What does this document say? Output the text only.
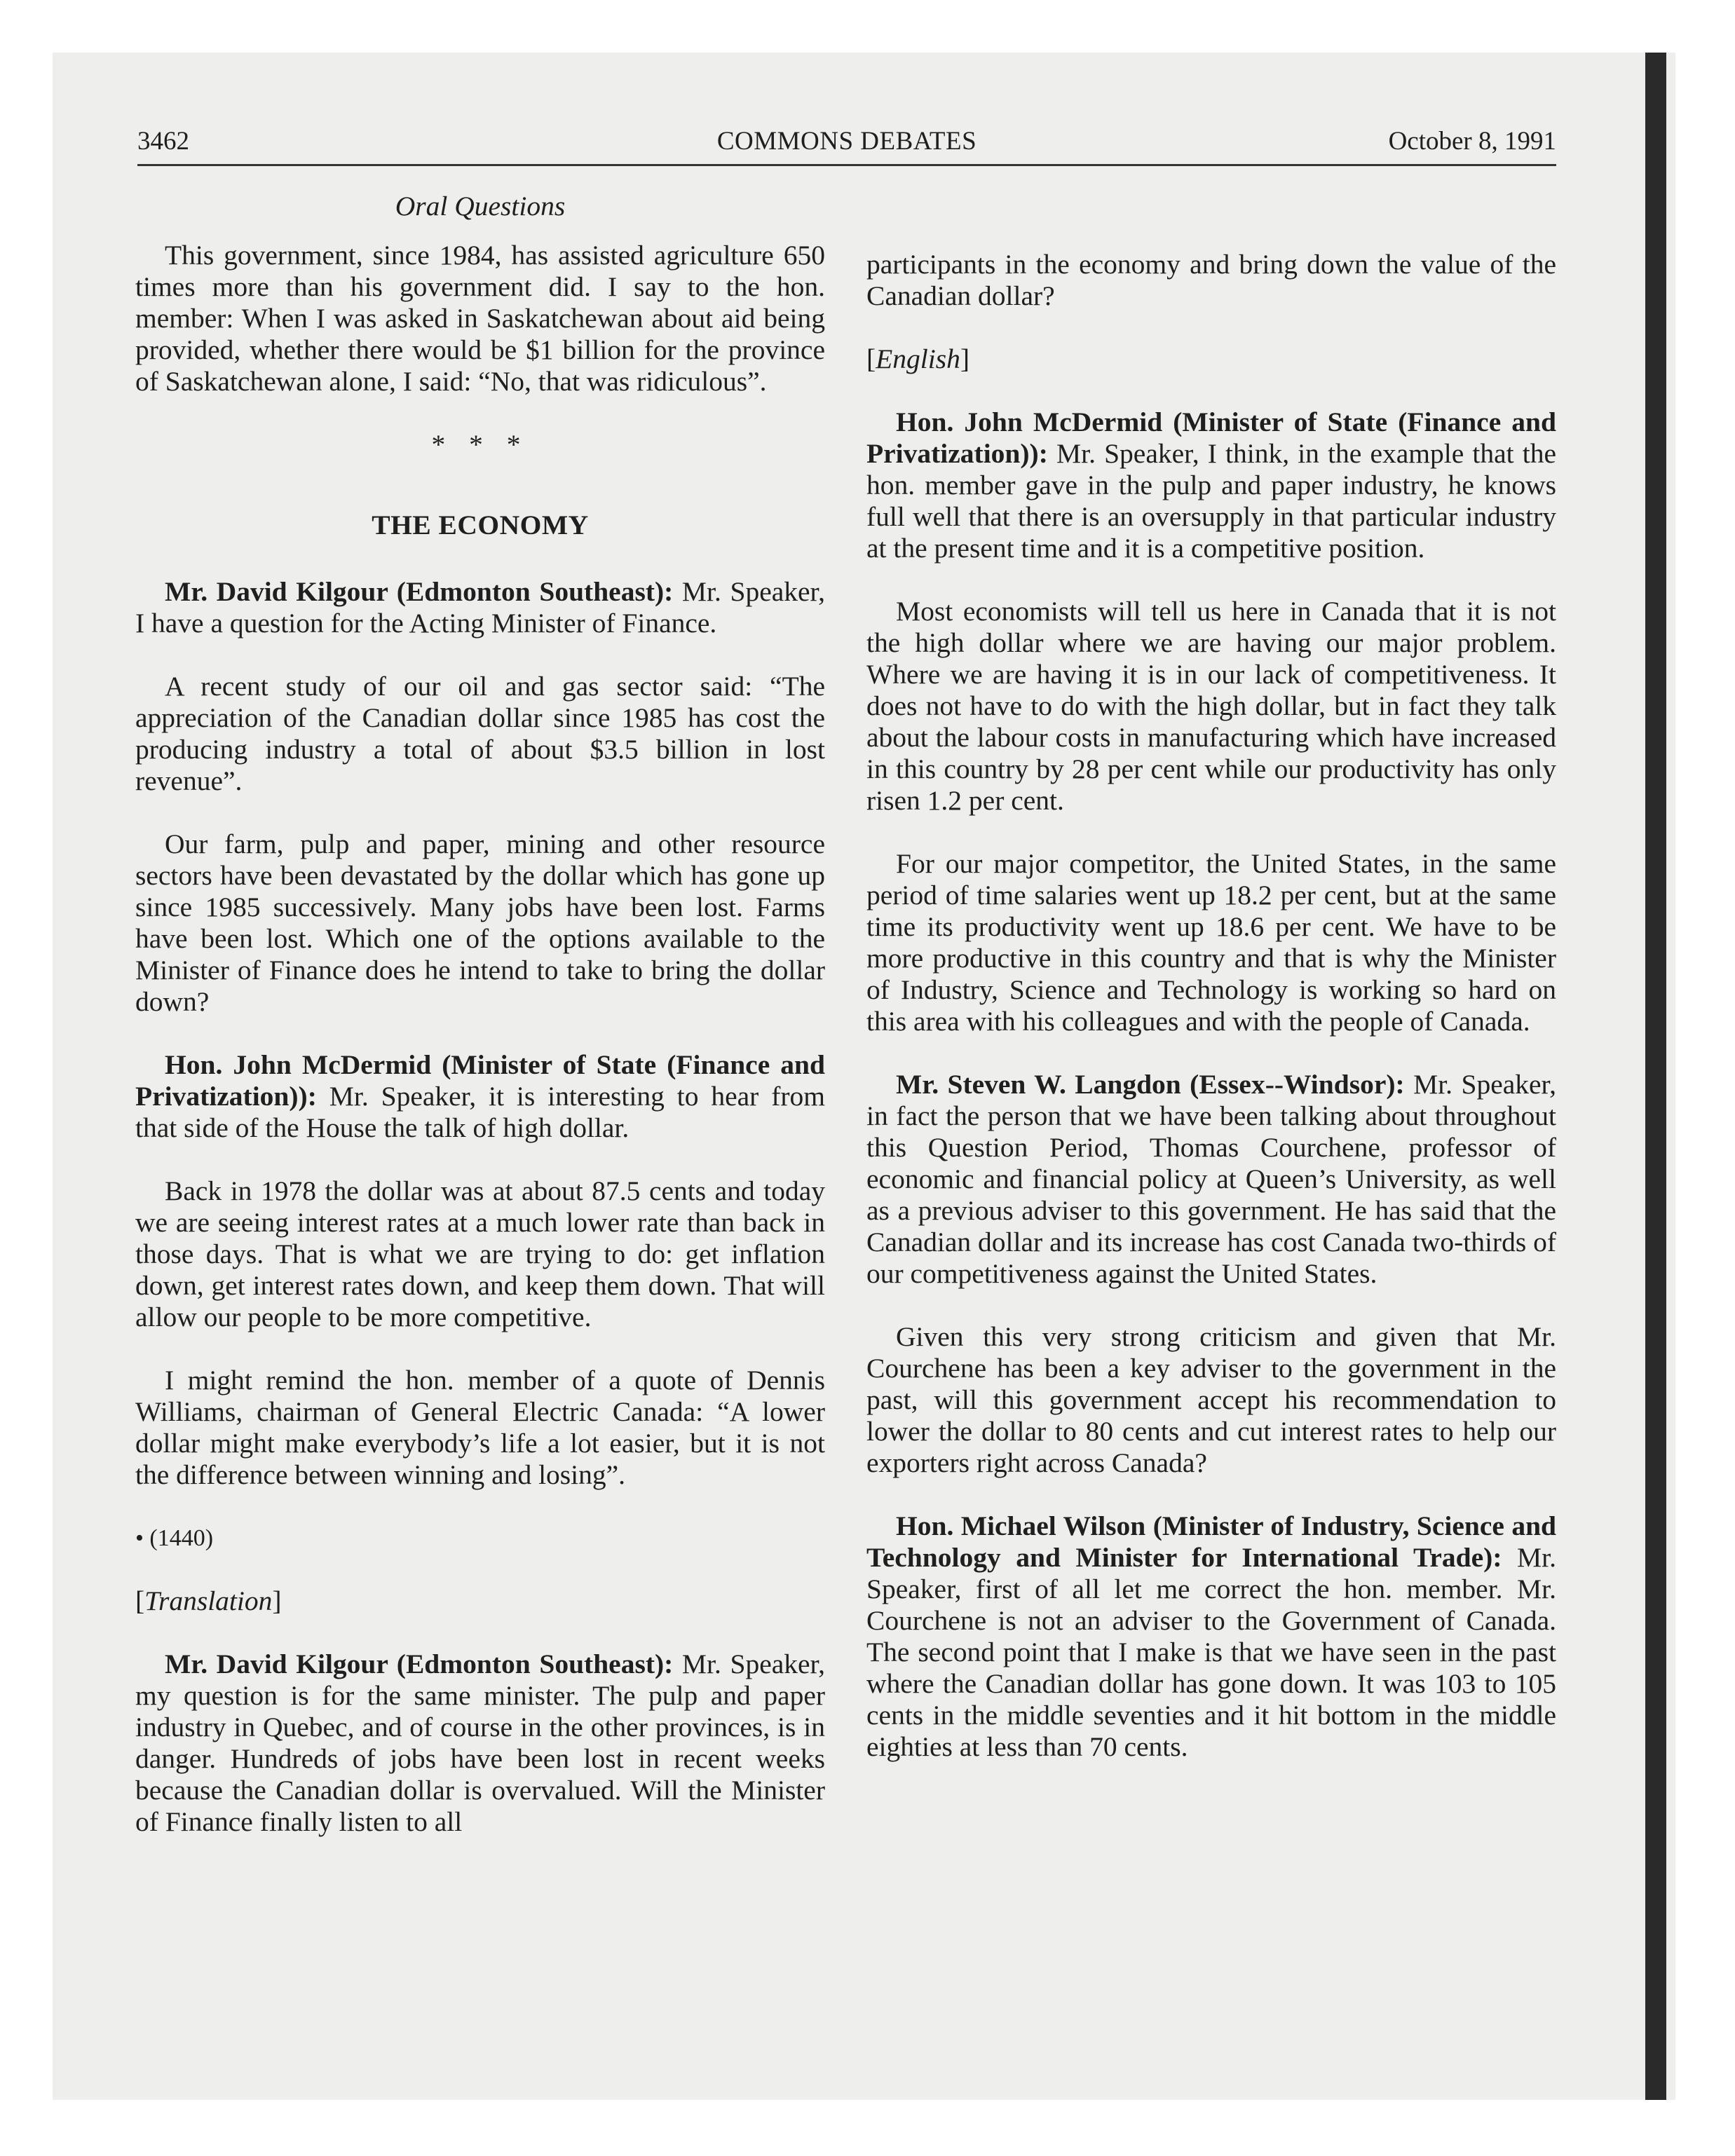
3462	COMMONS DEBATES	October 8, 1991
Oral Questions

This government, since 1984, has assisted agriculture 650 times more than his government did. I say to the hon. member: When I was asked in Saskatchewan about aid being provided, whether there would be $1 billion for the province of Saskatchewan alone, I said: “No, that was ridiculous”.

* * *
THE ECONOMY

Mr. David Kilgour (Edmonton Southeast): Mr. Speaker, I have a question for the Acting Minister of Finance.

A recent study of our oil and gas sector said: “The appreciation of the Canadian dollar since 1985 has cost the producing industry a total of about $3.5 billion in lost revenue”.

Our farm, pulp and paper, mining and other resource sectors have been devastated by the dollar which has gone up since 1985 successively. Many jobs have been lost. Farms have been lost. Which one of the options available to the Minister of Finance does he intend to take to bring the dollar down?

Hon. John McDermid (Minister of State (Finance and Privatization)): Mr. Speaker, it is interesting to hear from that side of the House the talk of high dollar.

Back in 1978 the dollar was at about 87.5 cents and today we are seeing interest rates at a much lower rate than back in those days. That is what we are trying to do: get inflation down, get interest rates down, and keep them down. That will allow our people to be more competitive.

I might remind the hon. member of a quote of Dennis Williams, chairman of General Electric Canada: “A lower dollar might make everybody’s life a lot easier, but it is not the difference between winning and losing”.

• (1440)
[Translation]

Mr. David Kilgour (Edmonton Southeast): Mr. Speaker, my question is for the same minister. The pulp and paper industry in Quebec, and of course in the other provinces, is in danger. Hundreds of jobs have been lost in recent weeks because the Canadian dollar is overvalued. Will the Minister of Finance finally listen to all

participants in the economy and bring down the value of the Canadian dollar?

[English]

Hon. John McDermid (Minister of State (Finance and Privatization)): Mr. Speaker, I think, in the example that the hon. member gave in the pulp and paper industry, he knows full well that there is an oversupply in that particular industry at the present time and it is a competitive position.

Most economists will tell us here in Canada that it is not the high dollar where we are having our major problem. Where we are having it is in our lack of competitiveness. It does not have to do with the high dollar, but in fact they talk about the labour costs in manufacturing which have increased in this country by 28 per cent while our productivity has only risen 1.2 per cent.

For our major competitor, the United States, in the same period of time salaries went up 18.2 per cent, but at the same time its productivity went up 18.6 per cent. We have to be more productive in this country and that is why the Minister of Industry, Science and Technology is working so hard on this area with his colleagues and with the people of Canada.

Mr. Steven W. Langdon (Essex--Windsor): Mr. Speaker, in fact the person that we have been talking about throughout this Question Period, Thomas Courchene, professor of economic and financial policy at Queen’s University, as well as a previous adviser to this government. He has said that the Canadian dollar and its increase has cost Canada two-thirds of our competitiveness against the United States.

Given this very strong criticism and given that Mr. Courchene has been a key adviser to the government in the past, will this government accept his recommendation to lower the dollar to 80 cents and cut interest rates to help our exporters right across Canada?

Hon. Michael Wilson (Minister of Industry, Science and Technology and Minister for International Trade): Mr. Speaker, first of all let me correct the hon. member. Mr. Courchene is not an adviser to the Government of Canada. The second point that I make is that we have seen in the past where the Canadian dollar has gone down. It was 103 to 105 cents in the middle seventies and it hit bottom in the middle eighties at less than 70 cents.
